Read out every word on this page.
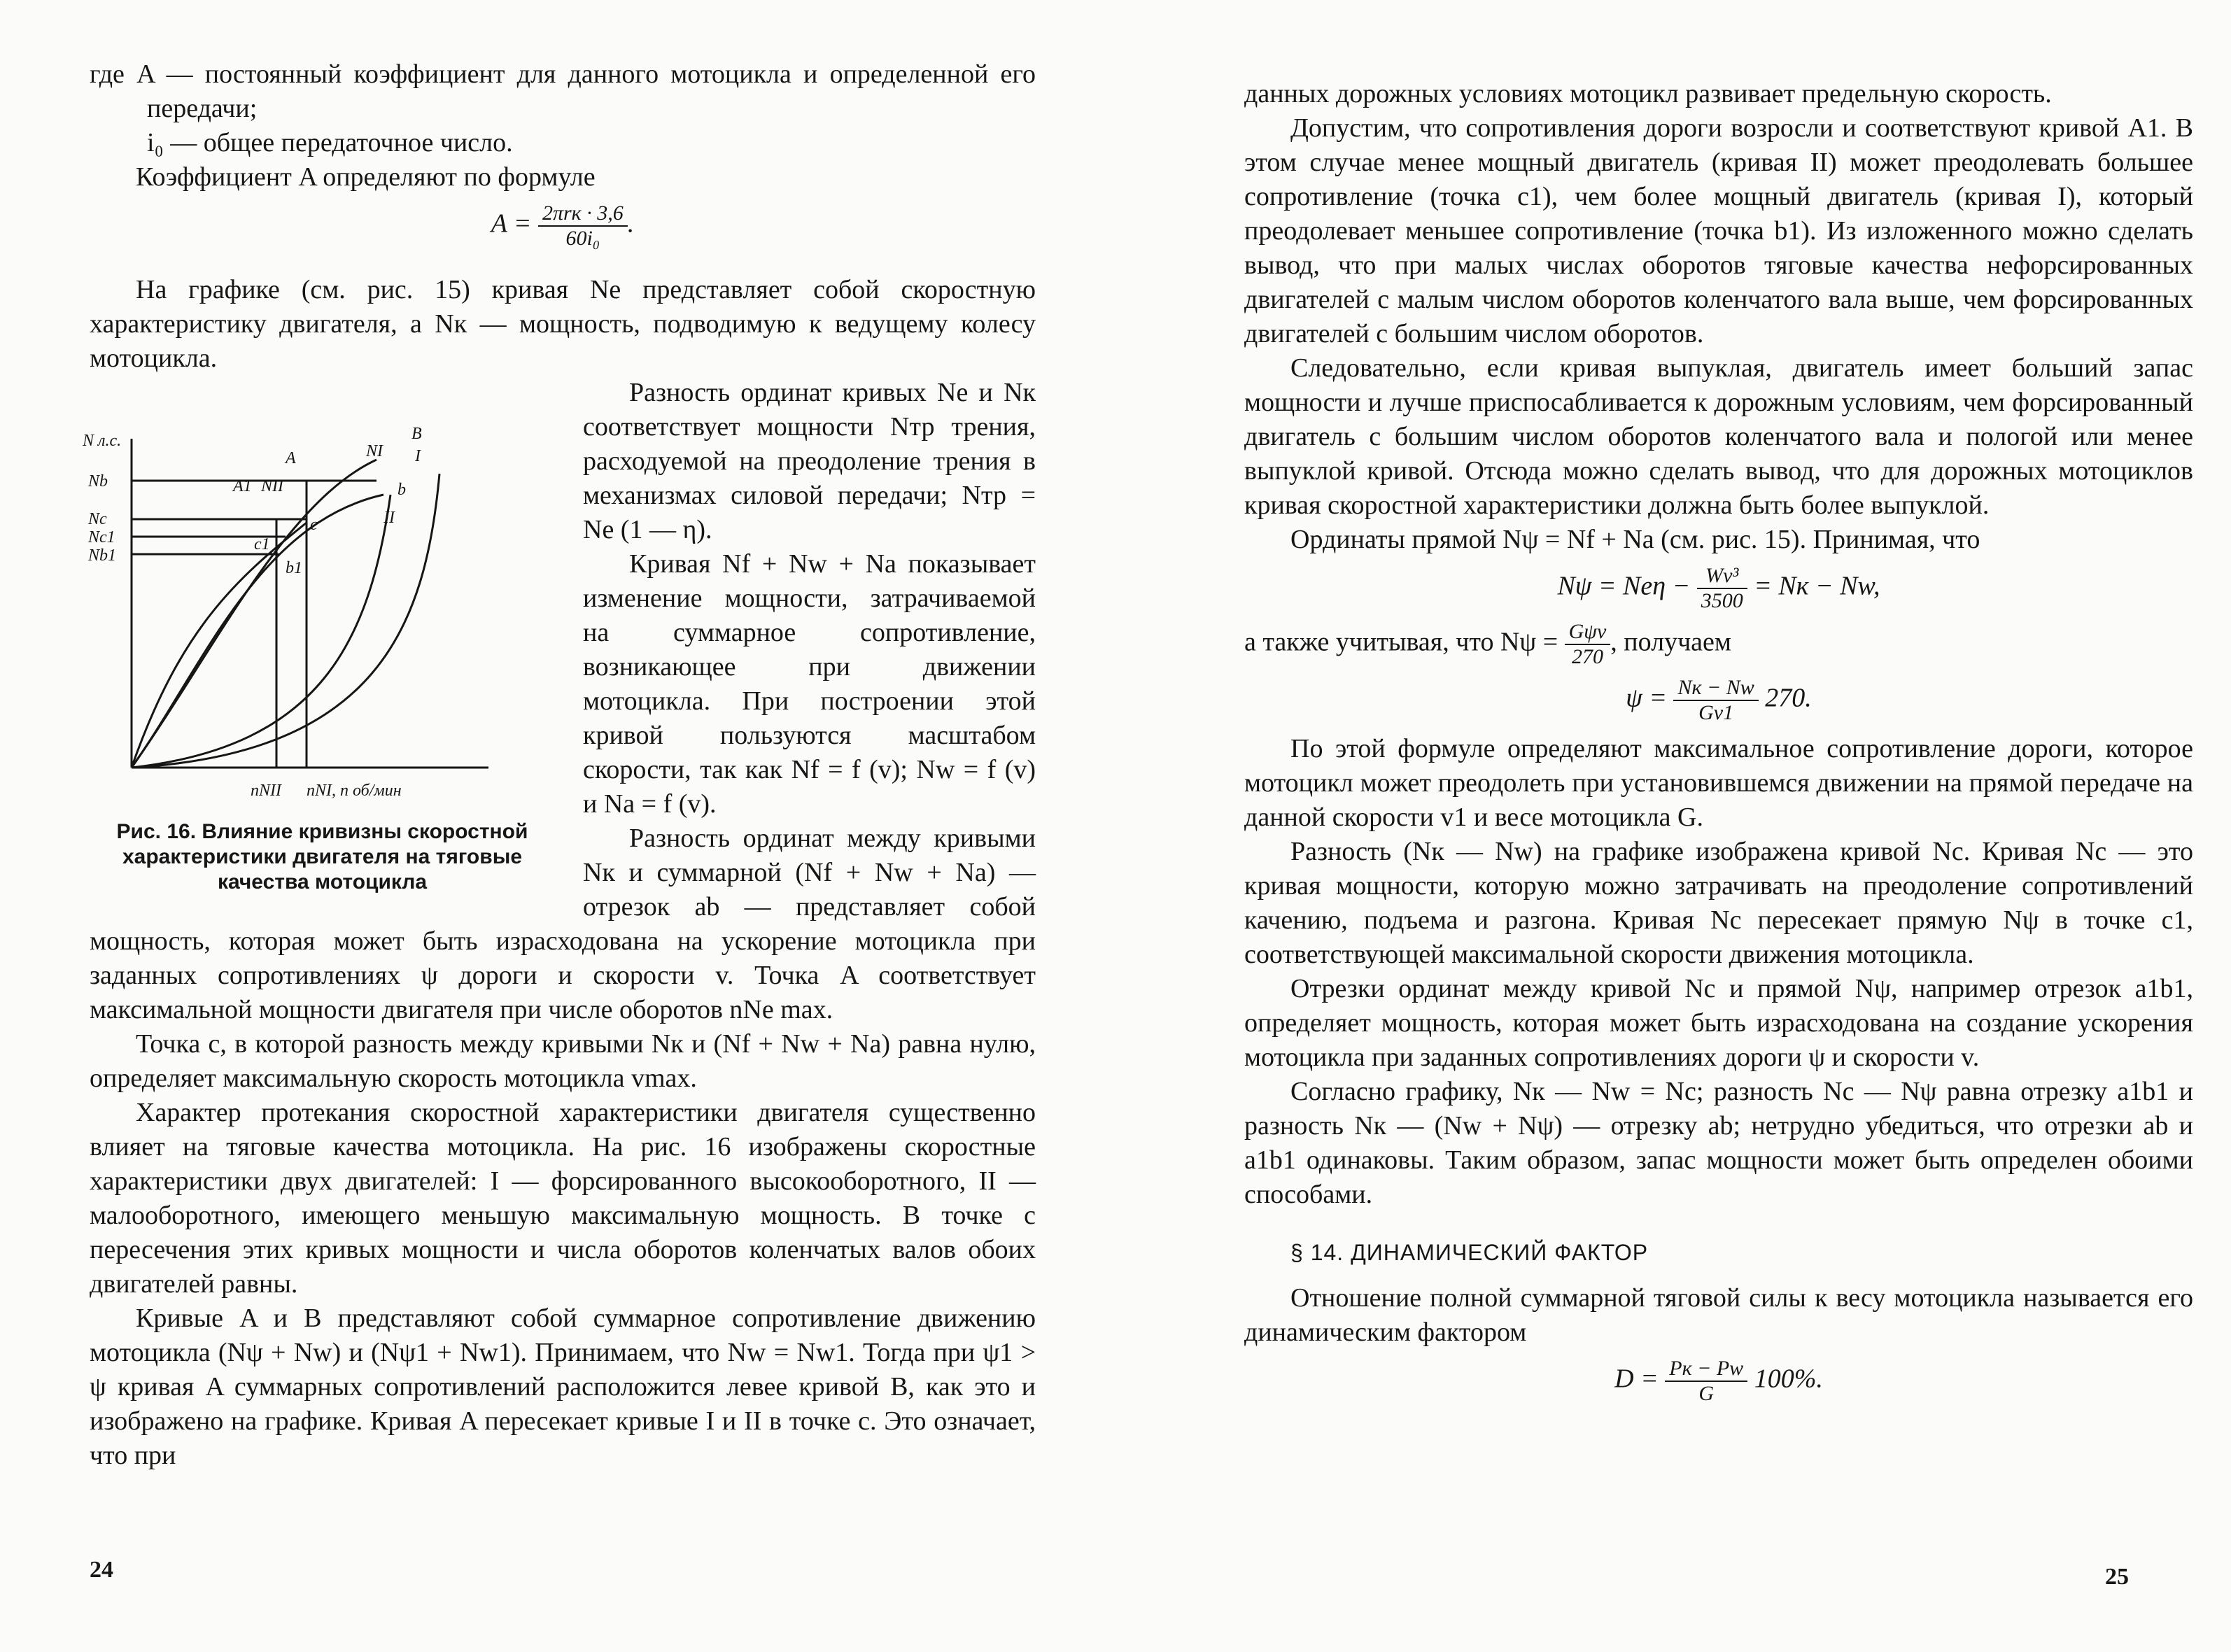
где A — постоянный коэффициент для данного мотоцикла и определенной его передачи;

i₀ — общее передаточное число.

Коэффициент A определяют по формуле

$A = \frac{\text{2πrк · 3,6}}{\text{60i₀}}$ .

На графике (см. рис. 15) кривая Nе представляет собой скоростную характеристику двигателя, а Nк — мощность, подводимую к ведущему колесу мотоцикла.

N л.с.
Nb
Nc
Nc1
Nb1
nNII nNI, n об/мин
A
B
A1 NII
NI I
II
b
c
c1
b1
Рис. 16. Влияние кривизны скоростной характеристики двигателя на тяговые качества мотоцикла

Разность ординат кривых Nе и Nк соответствует мощности Nтр трения, расходуемой на преодоление трения в механизмах силовой передачи; Nтр = Nе (1 — η).

Кривая Nf + Nw + Na показывает изменение мощности, затрачиваемой на суммарное сопротивление, возникающее при движении мотоцикла. При построении этой кривой пользуются масштабом скорости, так как Nf = f (v); Nw = f (v) и Na = f (v).

Разность ординат между кривыми Nк и суммарной (Nf + Nw + Na) — отрезок ab — представляет собой мощность, которая может быть израсходована на ускорение мотоцикла при заданных сопротивлениях ψ дороги и скорости v. Точка A соответствует максимальной мощности двигателя при числе оборотов nNe max.

Точка c, в которой разность между кривыми Nк и (Nf + Nw + Na) равна нулю, определяет максимальную скорость мотоцикла vmax.

Характер протекания скоростной характеристики двигателя существенно влияет на тяговые качества мотоцикла. На рис. 16 изображены скоростные характеристики двух двигателей: I — форсированного высокооборотного, II — малооборотного, имеющего меньшую максимальную мощность. В точке c пересечения этих кривых мощности и числа оборотов коленчатых валов обоих двигателей равны.

Кривые A и B представляют собой суммарное сопротивление движению мотоцикла (Nψ + Nw) и (Nψ1 + Nw1). Принимаем, что Nw = Nw1. Тогда при ψ1 > ψ кривая A суммарных сопротивлений расположится левее кривой B, как это и изображено на графике. Кривая A пересекает кривые I и II в точке c. Это означает, что при

24

данных дорожных условиях мотоцикл развивает предельную скорость.

Допустим, что сопротивления дороги возросли и соответствуют кривой A1. В этом случае менее мощный двигатель (кривая II) может преодолевать большее сопротивление (точка c1), чем более мощный двигатель (кривая I), который преодолевает меньшее сопротивление (точка b1). Из изложенного можно сделать вывод, что при малых числах оборотов тяговые качества нефорсированных двигателей с малым числом оборотов коленчатого вала выше, чем форсированных двигателей с большим числом оборотов.

Следовательно, если кривая выпуклая, двигатель имеет больший запас мощности и лучше приспосабливается к дорожным условиям, чем форсированный двигатель с большим числом оборотов коленчатого вала и пологой или менее выпуклой кривой. Отсюда можно сделать вывод, что для дорожных мотоциклов кривая скоростной характеристики должна быть более выпуклой.

Ординаты прямой Nψ = Nf + Na (см. рис. 15). Принимая, что

$N\psi = Ne\eta - \frac{\text{Wv³}}{3500}$ = Nк − Nw,

а также учитывая, что $N\psi = \frac{\text{Gψv}}{270}$ , получаем

$\psi = \frac{Nк - Nw}{Gv1} 270$.

По этой формуле определяют максимальное сопротивление дороги, которое мотоцикл может преодолеть при установившемся движении на прямой передаче на данной скорости v1 и весе мотоцикла G.

Разность (Nк — Nw) на графике изображена кривой Nc. Кривая Nc — это кривая мощности, которую можно затрачивать на преодоление сопротивлений качению, подъема и разгона. Кривая Nc пересекает прямую Nψ в точке c1, соответствующей максимальной скорости движения мотоцикла.

Отрезки ординат между кривой Nc и прямой Nψ, например отрезок a1b1, определяет мощность, которая может быть израсходована на создание ускорения мотоцикла при заданных сопротивлениях дороги ψ и скорости v.

Согласно графику, Nк — Nw = Nc; разность Nc — Nψ равна отрезку a1b1 и разность Nк — (Nw + Nψ) — отрезку ab; нетрудно убедиться, что отрезки ab и a1b1 одинаковы. Таким образом, запас мощности может быть определен обоими способами.

§ 14. ДИНАМИЧЕСКИЙ ФАКТОР

Отношение полной суммарной тяговой силы к весу мотоцикла называется его динамическим фактором

$D = \frac{Pк - Pw}{G} 100\%$.
25
